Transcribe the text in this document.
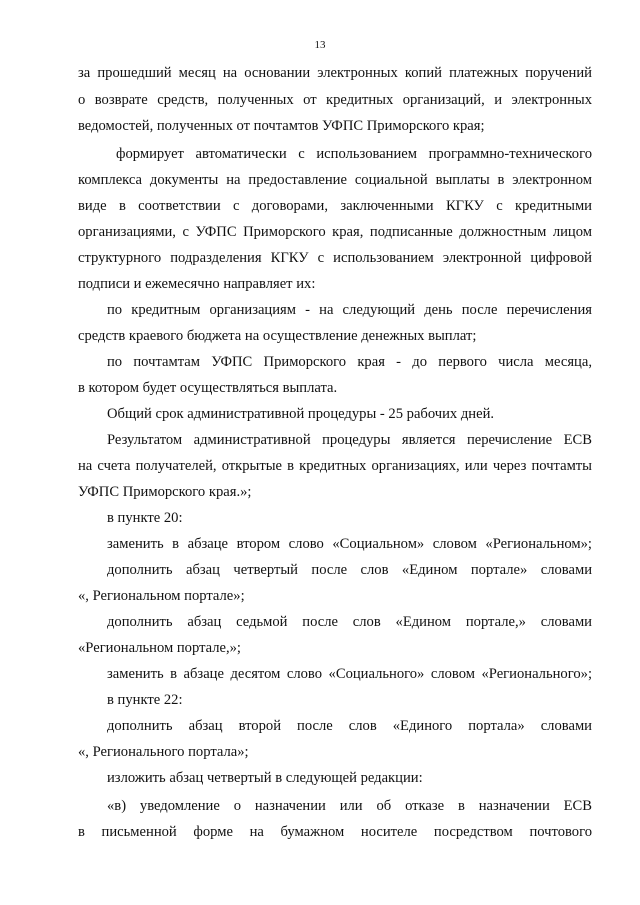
13
за прошедший месяц на основании электронных копий платежных поручений
о возврате средств, полученных от кредитных организаций, и электронных
ведомостей, полученных от почтамтов УФПС Приморского края;
формирует автоматически с использованием программно-технического
комплекса документы на предоставление социальной выплаты в электронном
виде в соответствии с договорами, заключенными КГКУ с кредитными
организациями, с УФПС Приморского края, подписанные должностным лицом
структурного подразделения КГКУ с использованием электронной цифровой
подписи и ежемесячно направляет их:
по кредитным организациям - на следующий день после перечисления
средств краевого бюджета на осуществление денежных выплат;
по почтамтам УФПС Приморского края - до первого числа месяца,
в котором будет осуществляться выплата.
Общий срок административной процедуры - 25 рабочих дней.
Результатом административной процедуры является перечисление ЕСВ
на счета получателей, открытые в кредитных организациях, или через почтамты
УФПС Приморского края.»;
в пункте 20:
заменить в абзаце втором слово «Социальном» словом «Региональном»;
дополнить абзац четвертый после слов «Едином портале» словами
«, Региональном портале»;
дополнить абзац седьмой после слов «Едином портале,» словами
«Региональном портале,»;
заменить в абзаце десятом слово «Социального» словом «Регионального»;
в пункте 22:
дополнить абзац второй после слов «Единого портала» словами
«, Регионального портала»;
изложить абзац четвертый в следующей редакции:
«в) уведомление о назначении или об отказе в назначении ЕСВ
в письменной форме на бумажном носителе посредством почтового
